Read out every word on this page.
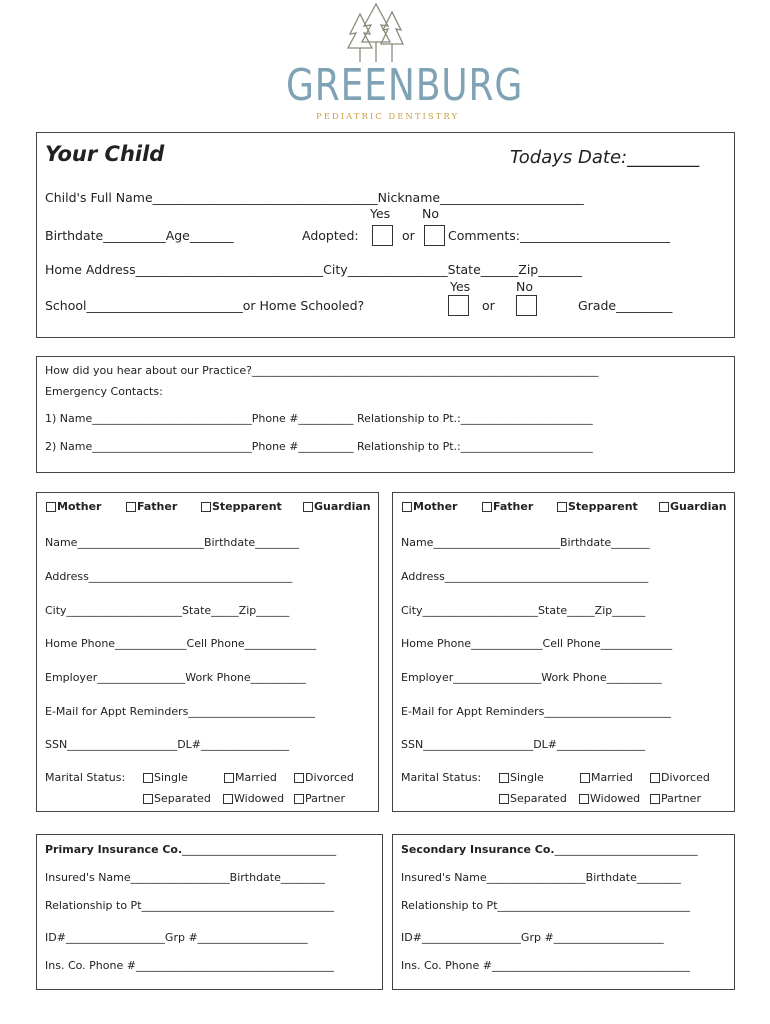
GREENBURG
PEDIATRIC DENTISTRY
Your Child	Todays Date:________
Child's Full Name____________________________________Nickname_______________________
Yes	No
Birthdate__________Age_______	Adopted:	or	Comments:________________________
Home Address______________________________City________________State______Zip_______
Yes	No
School_________________________or Home Schooled?	or	Grade_________
How did you hear about our Practice?_______________________________________________________________
Emergency Contacts:
1) Name_____________________________Phone #__________ Relationship to Pt.:________________________
2) Name_____________________________Phone #__________ Relationship to Pt.:________________________
Mother	Father	Stepparent	Guardian
Name_______________________Birthdate________
Address_____________________________________
City_____________________State_____Zip______
Home Phone_____________Cell Phone_____________
Employer________________Work Phone__________
E-Mail for Appt Reminders_______________________
SSN____________________DL#________________
Marital Status:	Single	Married	Divorced
Separated Widowed Partner
Mother	Father	Stepparent	Guardian
Name_______________________Birthdate_______
Address_____________________________________
City_____________________State_____Zip______
Home Phone_____________Cell Phone_____________
Employer________________Work Phone__________
E-Mail for Appt Reminders_______________________
SSN____________________DL#________________
Marital Status:	Single	Married	Divorced
Separated Widowed Partner
Primary Insurance Co.____________________________
Insured's Name__________________Birthdate________
Relationship to Pt___________________________________
ID#__________________Grp #____________________
Ins. Co. Phone #____________________________________
Secondary Insurance Co.__________________________
Insured's Name__________________Birthdate________
Relationship to Pt___________________________________
ID#__________________Grp #____________________
Ins. Co. Phone #____________________________________
